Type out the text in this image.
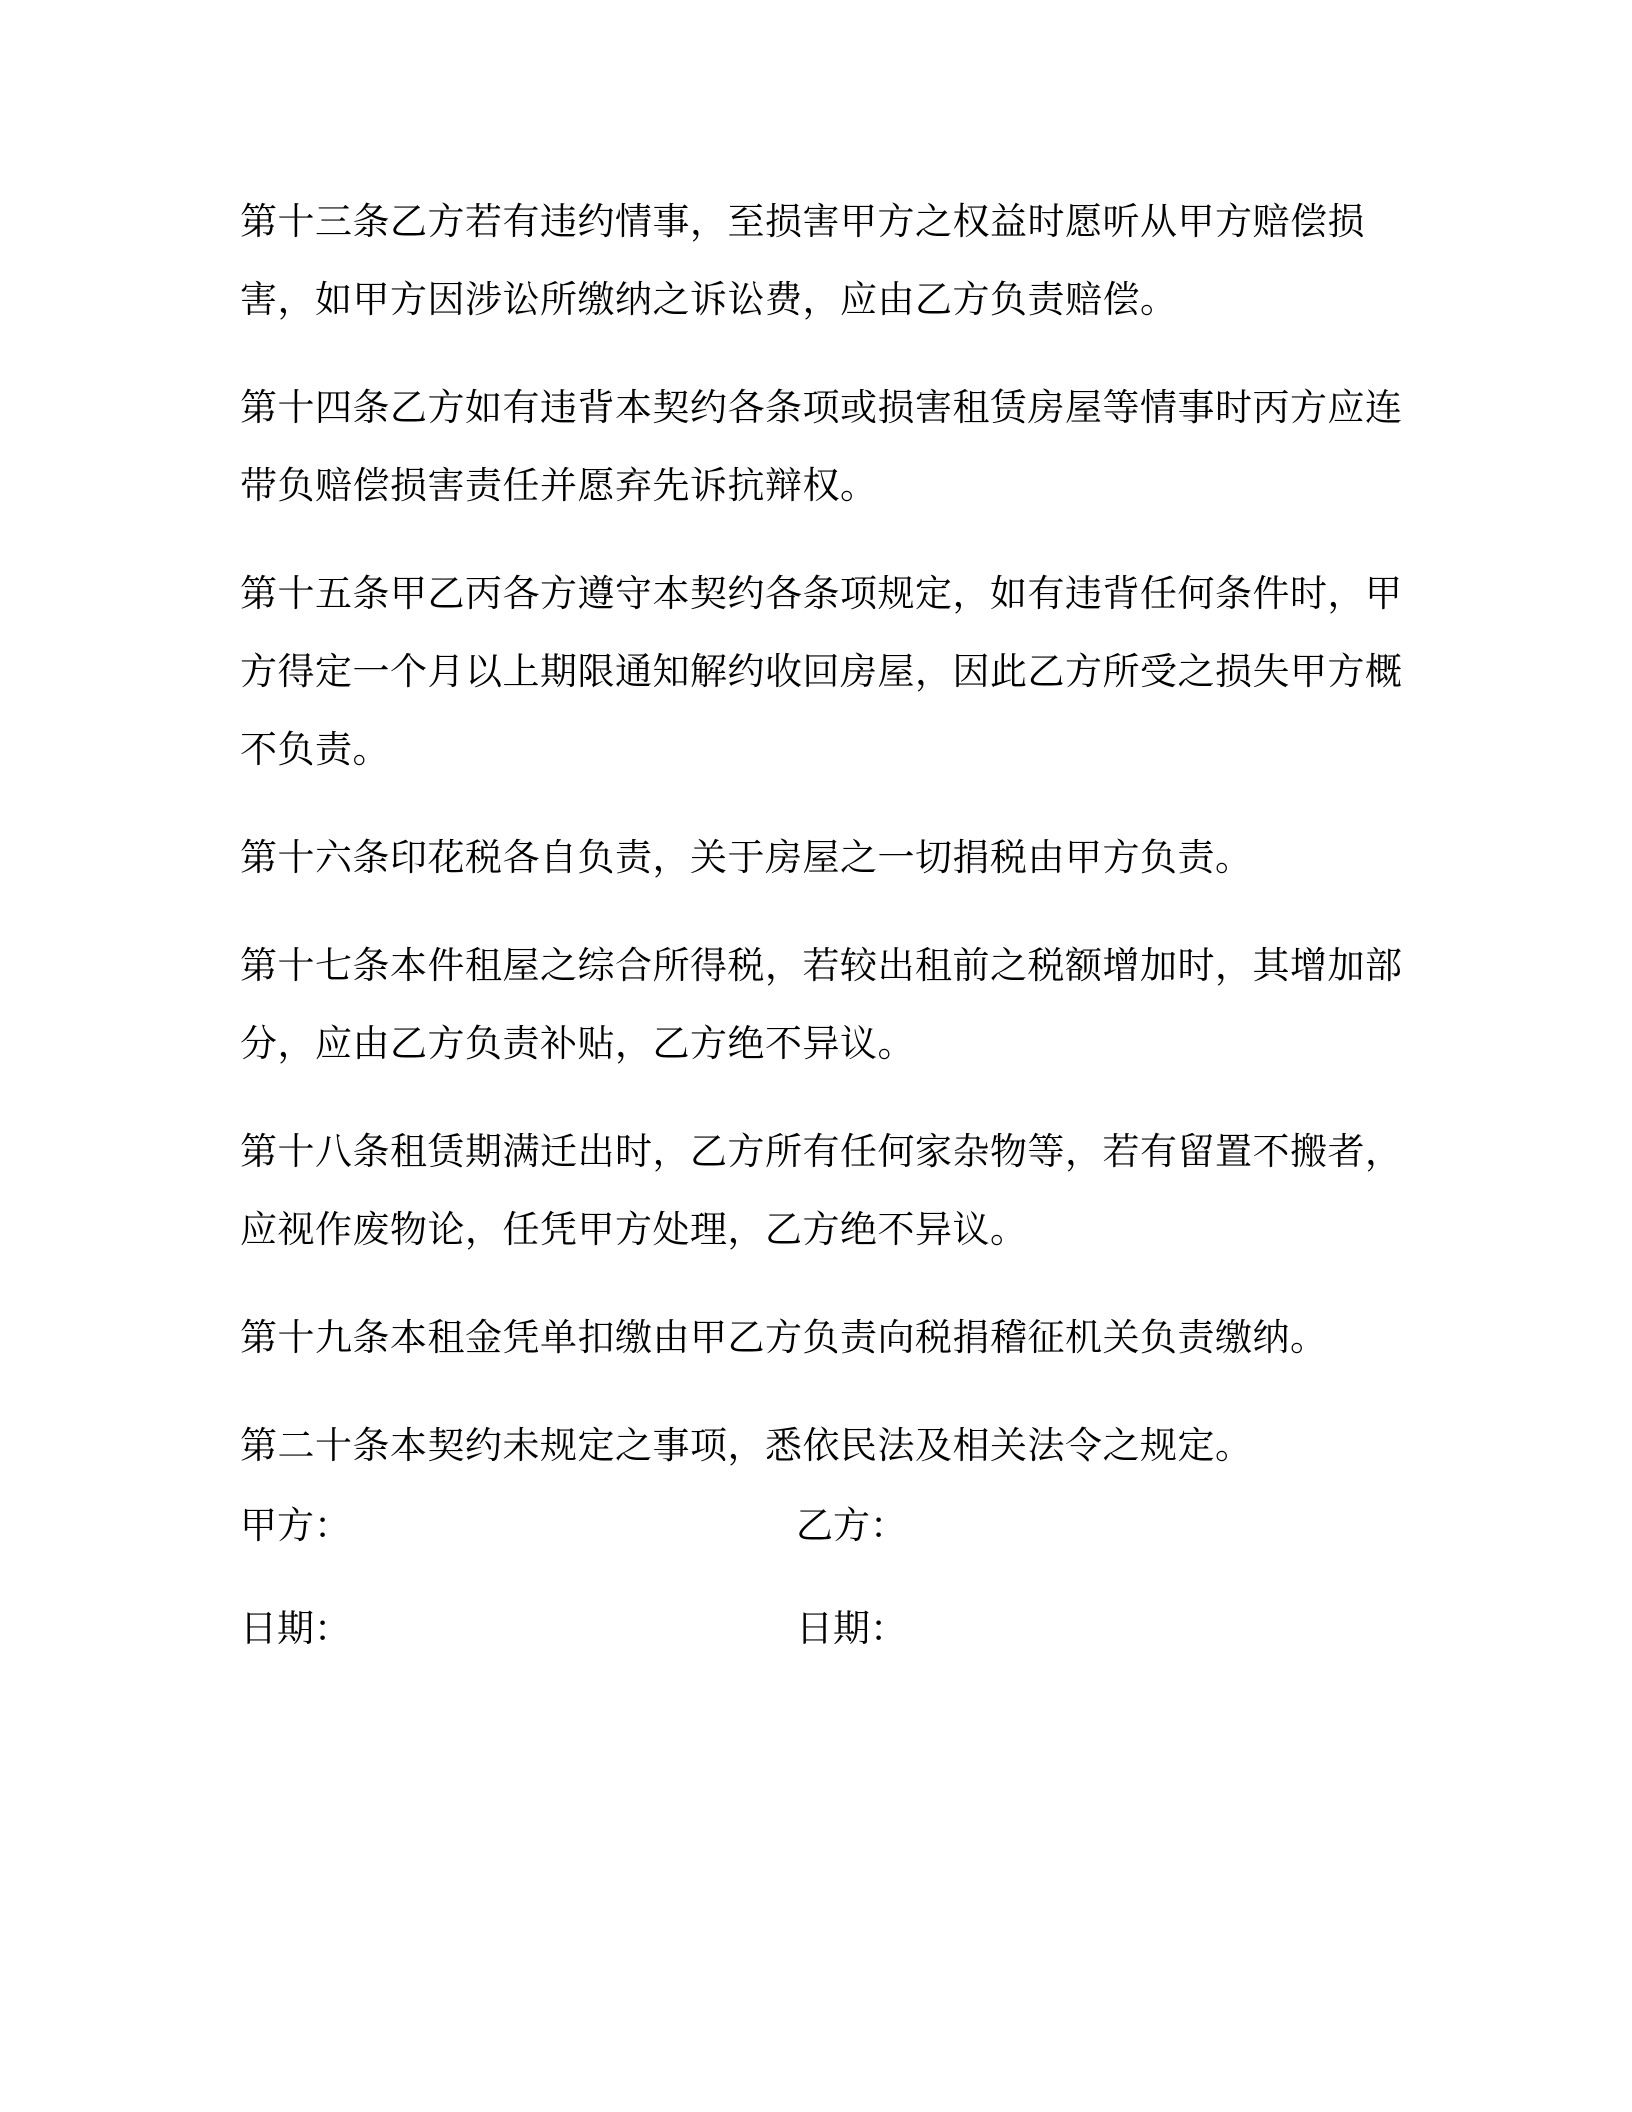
第十三条乙方若有违约情事，至损害甲方之权益时愿听从甲方赔偿损害，如甲方因涉讼所缴纳之诉讼费，应由乙方负责赔偿。

第十四条乙方如有违背本契约各条项或损害租赁房屋等情事时丙方应连带负赔偿损害责任并愿弃先诉抗辩权。

第十五条甲乙丙各方遵守本契约各条项规定，如有违背任何条件时，甲方得定一个月以上期限通知解约收回房屋，因此乙方所受之损失甲方概不负责。

第十六条印花税各自负责，关于房屋之一切捐税由甲方负责。

第十七条本件租屋之综合所得税，若较出租前之税额增加时，其增加部分，应由乙方负责补贴，乙方绝不异议。

第十八条租赁期满迁出时，乙方所有任何家杂物等，若有留置不搬者，应视作废物论，任凭甲方处理，乙方绝不异议。

第十九条本租金凭单扣缴由甲乙方负责向税捐稽征机关负责缴纳。

第二十条本契约未规定之事项，悉依民法及相关法令之规定。

甲方：	乙方：
日期：	日期：
